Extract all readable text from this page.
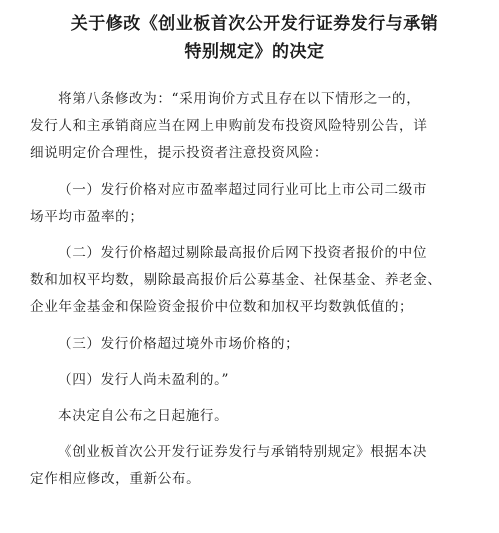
关于修改《创业板首次公开发行证券发行与承销
特别规定》的决定

将第八条修改为：“采用询价方式且存在以下情形之一的，
发行人和主承销商应当在网上申购前发布投资风险特别公告，详
细说明定价合理性，提示投资者注意投资风险：

（一）发行价格对应市盈率超过同行业可比上市公司二级市
场平均市盈率的；

（二）发行价格超过剔除最高报价后网下投资者报价的中位
数和加权平均数，剔除最高报价后公募基金、社保基金、养老金、
企业年金基金和保险资金报价中位数和加权平均数孰低值的；

（三）发行价格超过境外市场价格的；

（四）发行人尚未盈利的。”

本决定自公布之日起施行。

《创业板首次公开发行证券发行与承销特别规定》根据本决
定作相应修改，重新公布。
